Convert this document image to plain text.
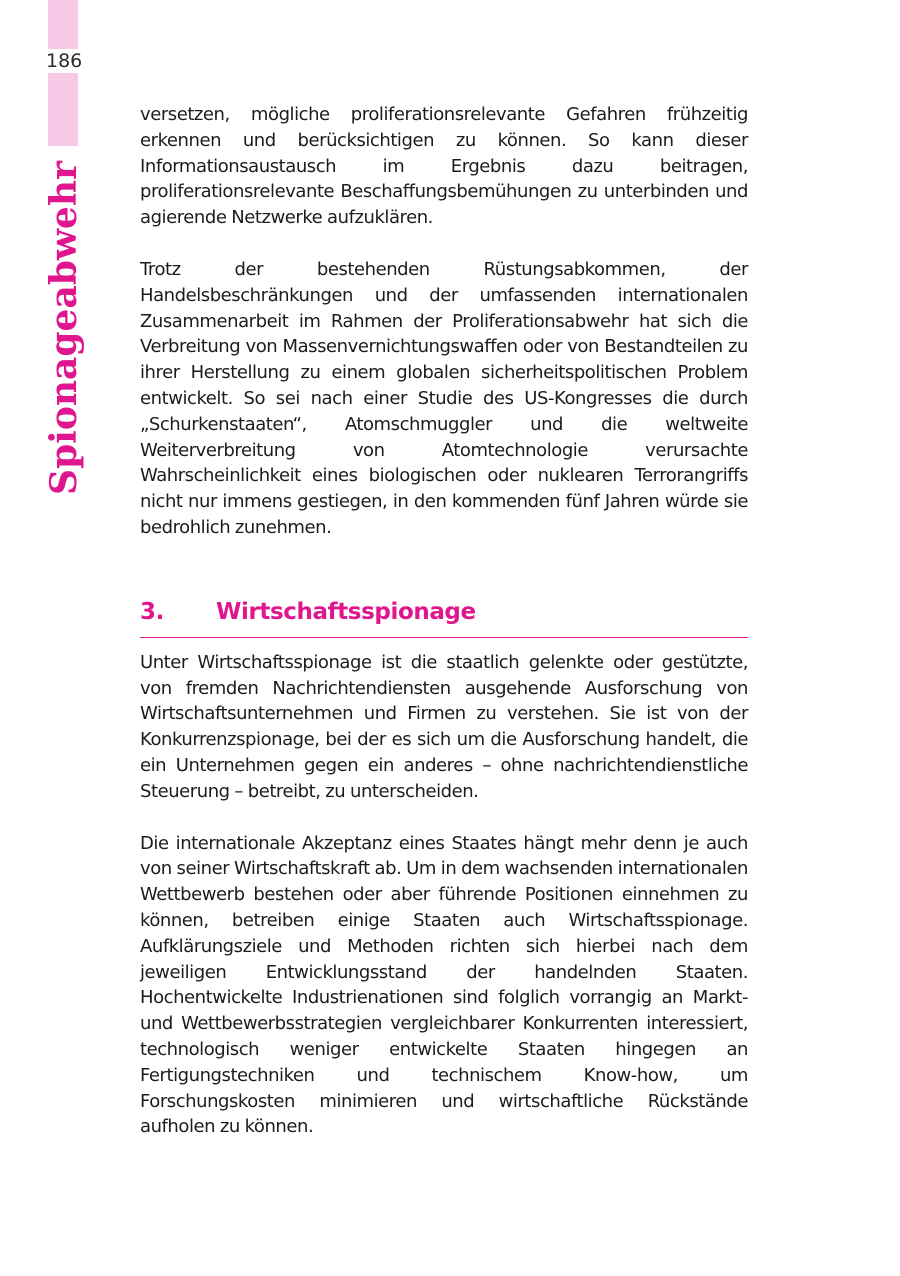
186
Spionageabwehr

versetzen, mögliche proliferationsrelevante Gefahren frühzeitig erkennen und berücksichtigen zu können. So kann dieser Informationsaustausch im Ergebnis dazu beitragen, proliferationsrelevante Beschaffungsbemühungen zu unterbinden und agierende Netzwerke aufzuklären.

Trotz der bestehenden Rüstungsabkommen, der Handelsbeschränkungen und der umfassenden internationalen Zusammenarbeit im Rahmen der Proliferationsabwehr hat sich die Verbreitung von Massenvernichtungswaffen oder von Bestandteilen zu ihrer Herstellung zu einem globalen sicherheitspolitischen Problem entwickelt. So sei nach einer Studie des US-Kongresses die durch „Schurkenstaaten“, Atomschmuggler und die weltweite Weiterverbreitung von Atomtechnologie verursachte Wahrscheinlichkeit eines biologischen oder nuklearen Terrorangriffs nicht nur immens gestiegen, in den kommenden fünf Jahren würde sie bedrohlich zunehmen.

3. Wirtschaftsspionage

Unter Wirtschaftsspionage ist die staatlich gelenkte oder gestützte, von fremden Nachrichtendiensten ausgehende Ausforschung von Wirtschaftsunternehmen und Firmen zu verstehen. Sie ist von der Konkurrenzspionage, bei der es sich um die Ausforschung handelt, die ein Unternehmen gegen ein anderes – ohne nachrichtendienstliche Steuerung – betreibt, zu unterscheiden.

Die internationale Akzeptanz eines Staates hängt mehr denn je auch von seiner Wirtschaftskraft ab. Um in dem wachsenden internationalen Wettbewerb bestehen oder aber führende Positionen einnehmen zu können, betreiben einige Staaten auch Wirtschaftsspionage. Aufklärungsziele und Methoden richten sich hierbei nach dem jeweiligen Entwicklungsstand der handelnden Staaten. Hochentwickelte Industrienationen sind folglich vorrangig an Markt- und Wettbewerbsstrategien vergleichbarer Konkurrenten interessiert, technologisch weniger entwickelte Staaten hingegen an Fertigungstechniken und technischem Know-how, um Forschungskosten minimieren und wirtschaftliche Rückstände aufholen zu können.
